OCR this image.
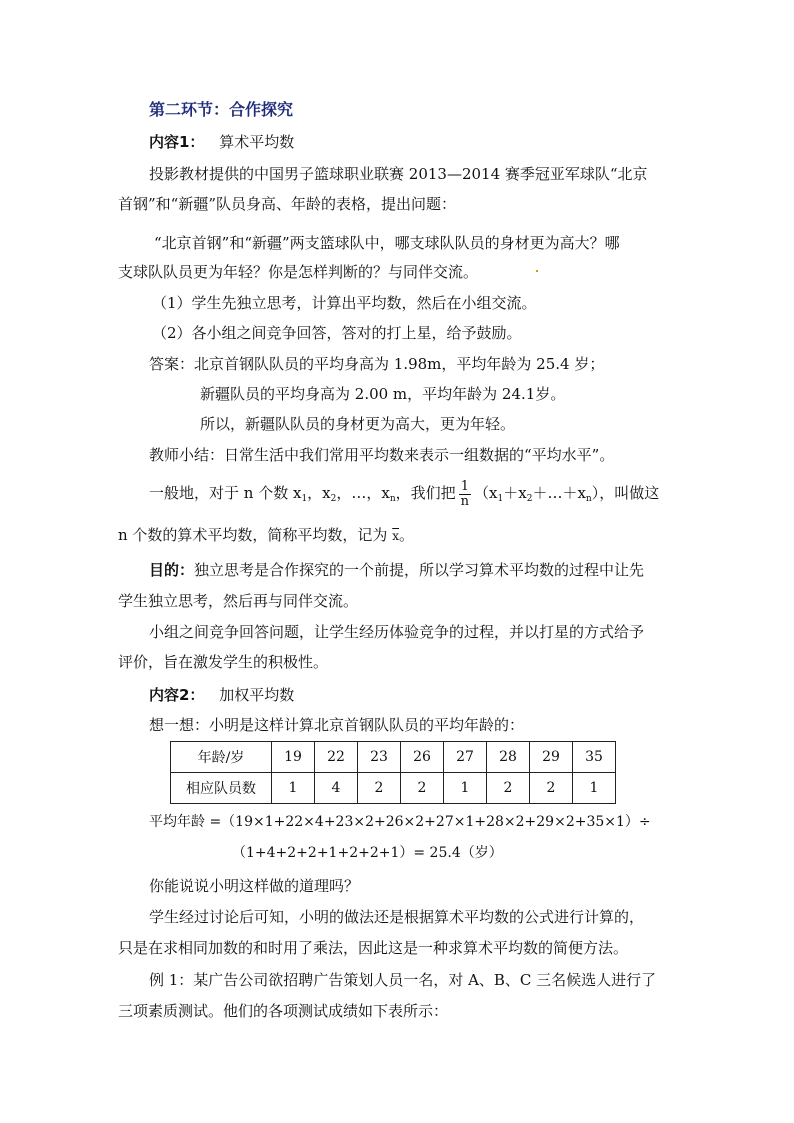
第二环节：合作探究
内容1： 算术平均数
投影教材提供的中国男子篮球职业联赛 2013—2014 赛季冠亚军球队“北京
首钢”和“新疆”队员身高、年龄的表格，提出问题：
“北京首钢”和“新疆”两支篮球队中，哪支球队队员的身材更为高大？哪
支球队队员更为年轻？你是怎样判断的？与同伴交流。
（1）学生先独立思考，计算出平均数，然后在小组交流。
（2）各小组之间竞争回答，答对的打上星，给予鼓励。
答案：北京首钢队队员的平均身高为 1.98m，平均年龄为 25.4 岁；
新疆队员的平均身高为 2.00 m，平均年龄为 24.1岁。
所以，新疆队队员的身材更为高大，更为年轻。
教师小结：日常生活中我们常用平均数来表示一组数据的“平均水平”。
一般地，对于 n 个数 $x_1$，$x_2$，…，$x_n$，我们把 $\frac{1}{n}$ $(x_1+x_2+\dots+x_n)$，叫做这
n 个数的算术平均数，简称平均数，记为 $\overline{x}$。
目的：独立思考是合作探究的一个前提，所以学习算术平均数的过程中让先
学生独立思考，然后再与同伴交流。
小组之间竞争回答问题，让学生经历体验竞争的过程，并以打星的方式给予
评价，旨在激发学生的积极性。
内容2： 加权平均数
想一想：小明是这样计算北京首钢队队员的平均年龄的：
年龄/岁	19	22	23	26	27	28	29	35
相应队员数	1	4	2	2	1	2	2	1
平均年龄 =（19×1+22×4+23×2+26×2+27×1+28×2+29×2+35×1）÷
（1+4+2+2+1+2+2+1）= 25.4（岁）
你能说说小明这样做的道理吗？
学生经过讨论后可知，小明的做法还是根据算术平均数的公式进行计算的，
只是在求相同加数的和时用了乘法，因此这是一种求算术平均数的简便方法。
例 1：某广告公司欲招聘广告策划人员一名，对 A、B、C 三名候选人进行了
三项素质测试。他们的各项测试成绩如下表所示：
